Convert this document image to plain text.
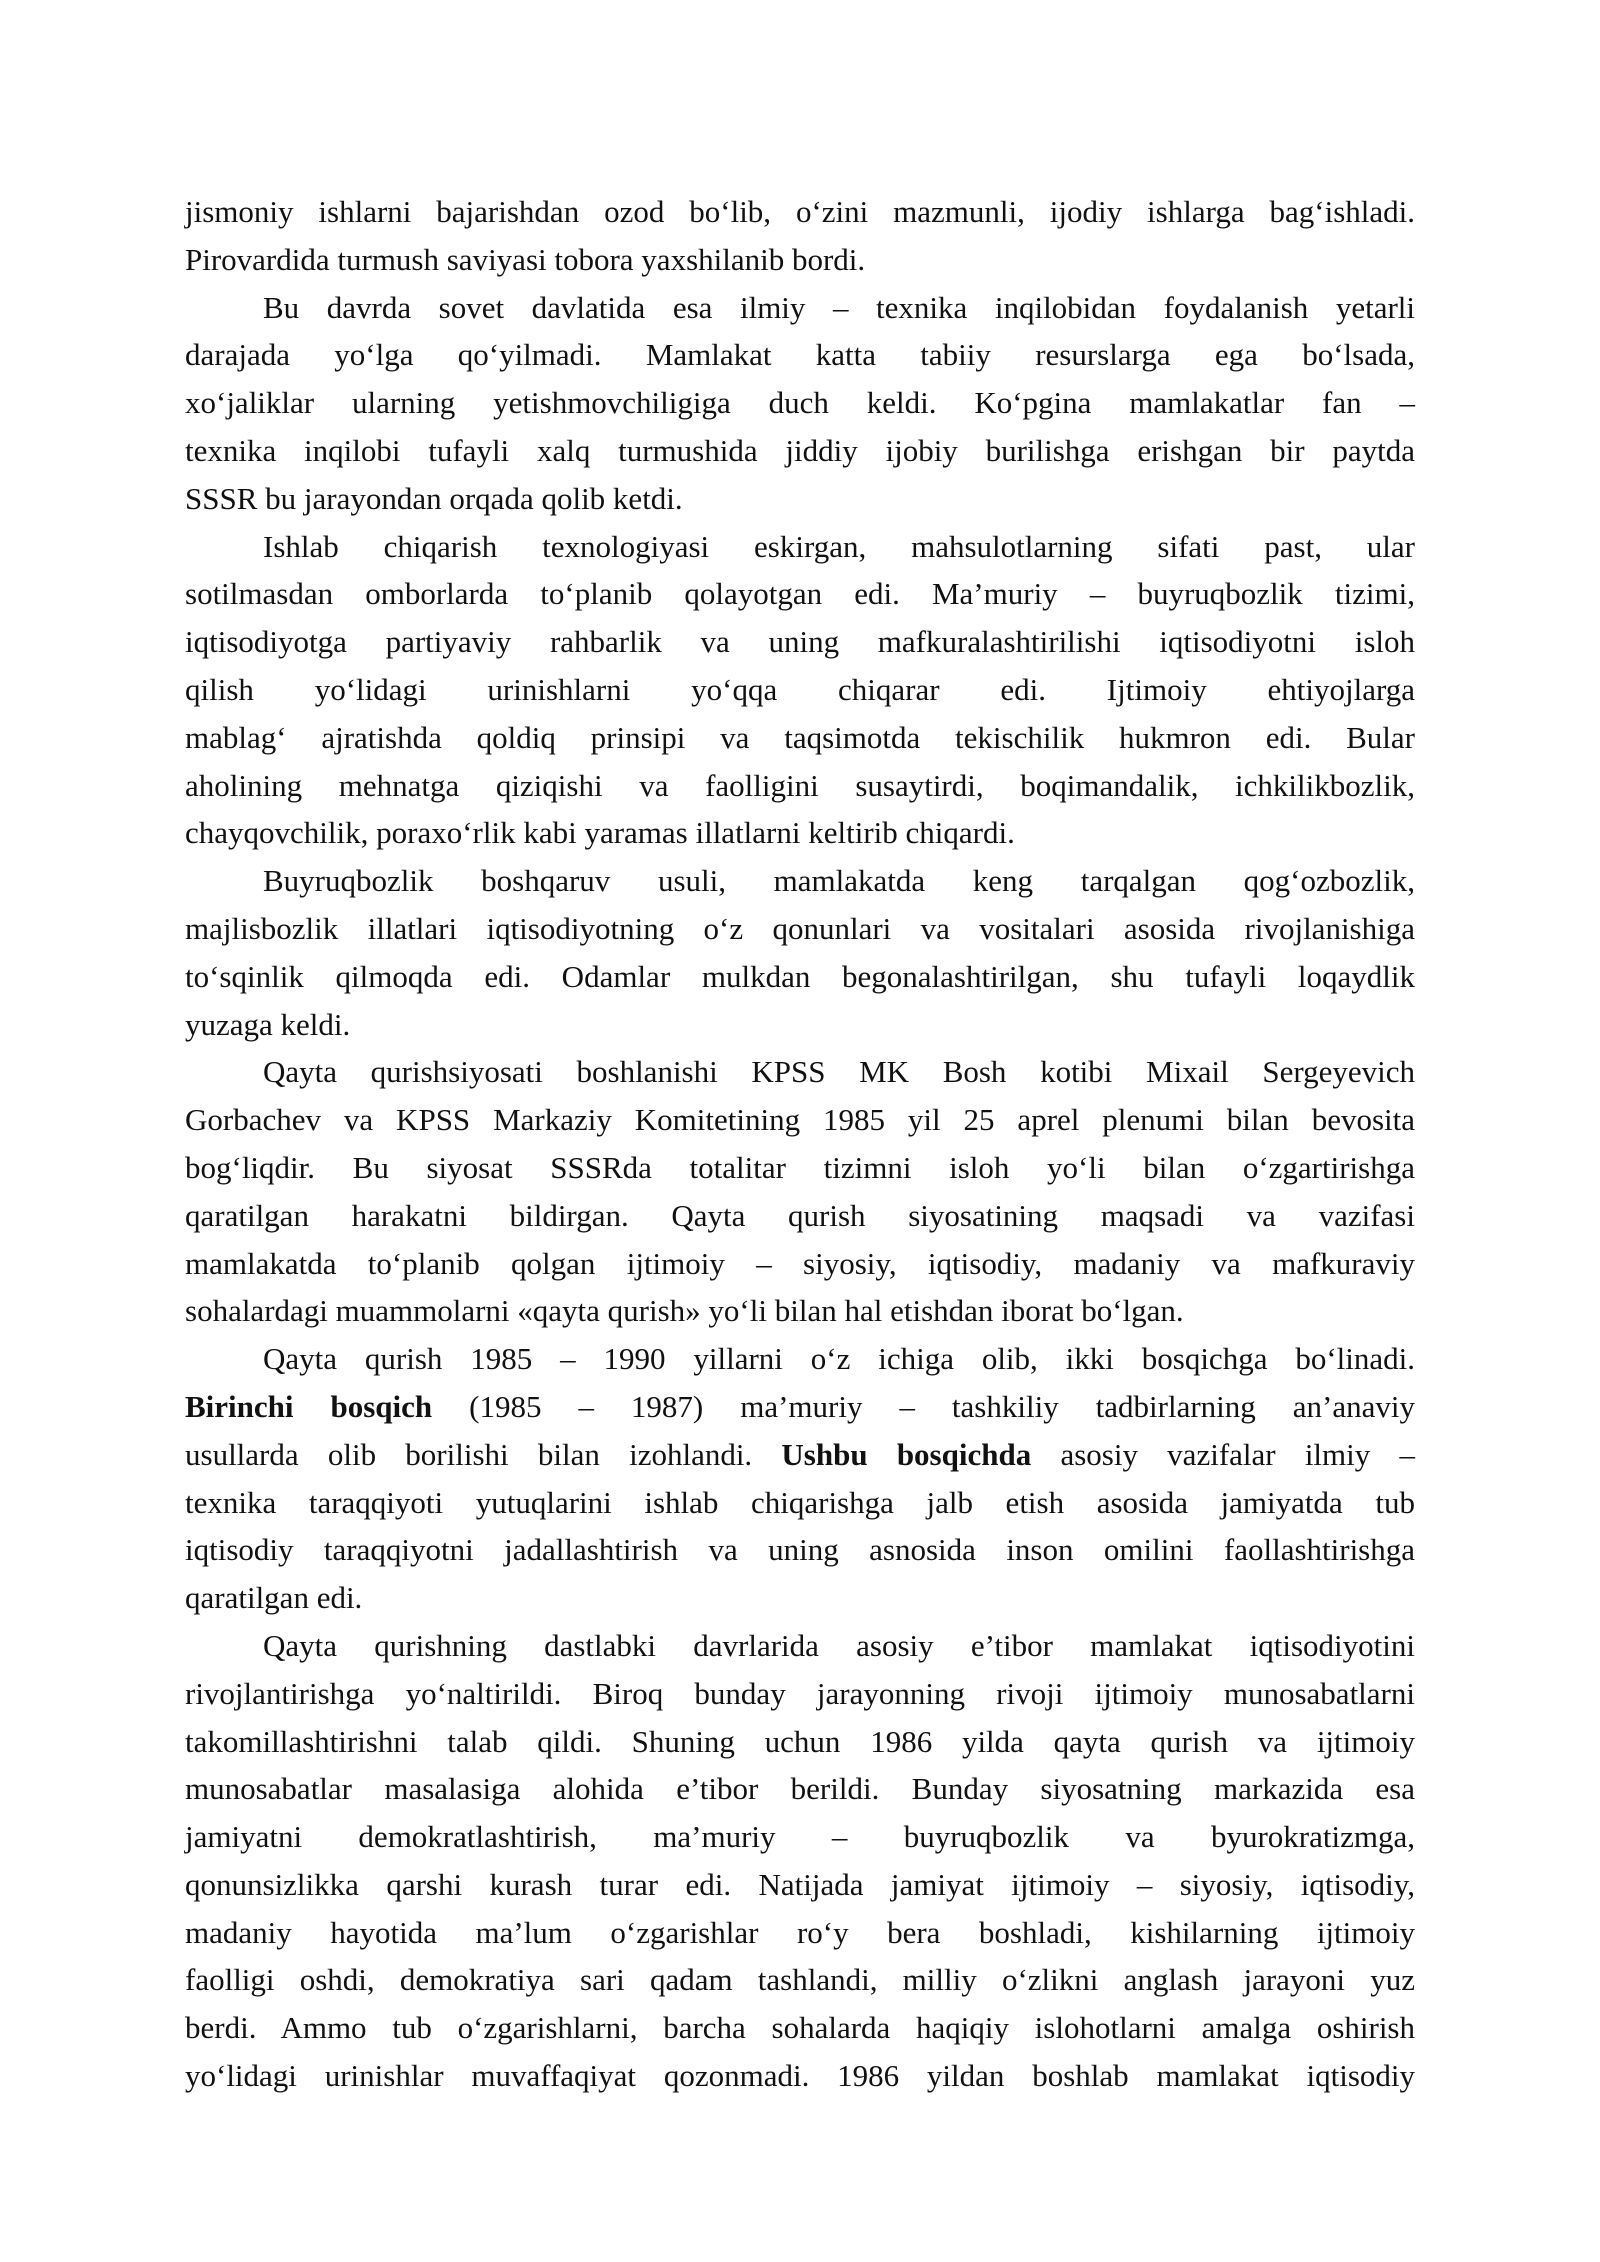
jismoniy ishlarni bajarishdan ozod bo‘lib, o‘zini mazmunli, ijodiy ishlarga bag‘ishladi.
Pirovardida turmush saviyasi tobora yaxshilanib bordi.
Bu davrda sovet davlatida esa ilmiy – texnika inqilobidan foydalanish yetarli
darajada yo‘lga qo‘yilmadi. Mamlakat katta tabiiy resurslarga ega bo‘lsada,
xo‘jaliklar ularning yetishmovchiligiga duch keldi. Ko‘pgina mamlakatlar fan –
texnika inqilobi tufayli xalq turmushida jiddiy ijobiy burilishga erishgan bir paytda
SSSR bu jarayondan orqada qolib ketdi.
Ishlab chiqarish texnologiyasi eskirgan, mahsulotlarning sifati past, ular
sotilmasdan omborlarda to‘planib qolayotgan edi. Ma’muriy – buyruqbozlik tizimi,
iqtisodiyotga partiyaviy rahbarlik va uning mafkuralashtirilishi iqtisodiyotni isloh
qilish yo‘lidagi urinishlarni yo‘qqa chiqarar edi. Ijtimoiy ehtiyojlarga
mablag‘ ajratishda qoldiq prinsipi va taqsimotda tekischilik hukmron edi. Bular
aholining mehnatga qiziqishi va faolligini susaytirdi, boqimandalik, ichkilikbozlik,
chayqovchilik, poraxo‘rlik kabi yaramas illatlarni keltirib chiqardi.
Buyruqbozlik boshqaruv usuli, mamlakatda keng tarqalgan qog‘ozbozlik,
majlisbozlik illatlari iqtisodiyotning o‘z qonunlari va vositalari asosida rivojlanishiga
to‘sqinlik qilmoqda edi. Odamlar mulkdan begonalashtirilgan, shu tufayli loqaydlik
yuzaga keldi.
Qayta qurishsiyosati boshlanishi KPSS MK Bosh kotibi Mixail Sergeyevich
Gorbachev va KPSS Markaziy Komitetining 1985 yil 25 aprel plenumi bilan bevosita
bog‘liqdir. Bu siyosat SSSRda totalitar tizimni isloh yo‘li bilan o‘zgartirishga
qaratilgan harakatni bildirgan. Qayta qurish siyosatining maqsadi va vazifasi
mamlakatda to‘planib qolgan ijtimoiy – siyosiy, iqtisodiy, madaniy va mafkuraviy
sohalardagi muammolarni «qayta qurish» yo‘li bilan hal etishdan iborat bo‘lgan.
Qayta qurish 1985 – 1990 yillarni o‘z ichiga olib, ikki bosqichga bo‘linadi.
Birinchi bosqich (1985 – 1987) ma’muriy – tashkiliy tadbirlarning an’anaviy
usullarda olib borilishi bilan izohlandi. Ushbu bosqichda asosiy vazifalar ilmiy –
texnika taraqqiyoti yutuqlarini ishlab chiqarishga jalb etish asosida jamiyatda tub
iqtisodiy taraqqiyotni jadallashtirish va uning asnosida inson omilini faollashtirishga
qaratilgan edi.
Qayta qurishning dastlabki davrlarida asosiy e’tibor mamlakat iqtisodiyotini
rivojlantirishga yo‘naltirildi. Biroq bunday jarayonning rivoji ijtimoiy munosabatlarni
takomillashtirishni talab qildi. Shuning uchun 1986 yilda qayta qurish va ijtimoiy
munosabatlar masalasiga alohida e’tibor berildi. Bunday siyosatning markazida esa
jamiyatni demokratlashtirish, ma’muriy – buyruqbozlik va byurokratizmga,
qonunsizlikka qarshi kurash turar edi. Natijada jamiyat ijtimoiy – siyosiy, iqtisodiy,
madaniy hayotida ma’lum o‘zgarishlar ro‘y bera boshladi, kishilarning ijtimoiy
faolligi oshdi, demokratiya sari qadam tashlandi, milliy o‘zlikni anglash jarayoni yuz
berdi. Ammo tub o‘zgarishlarni, barcha sohalarda haqiqiy islohotlarni amalga oshirish
yo‘lidagi urinishlar muvaffaqiyat qozonmadi. 1986 yildan boshlab mamlakat iqtisodiy
